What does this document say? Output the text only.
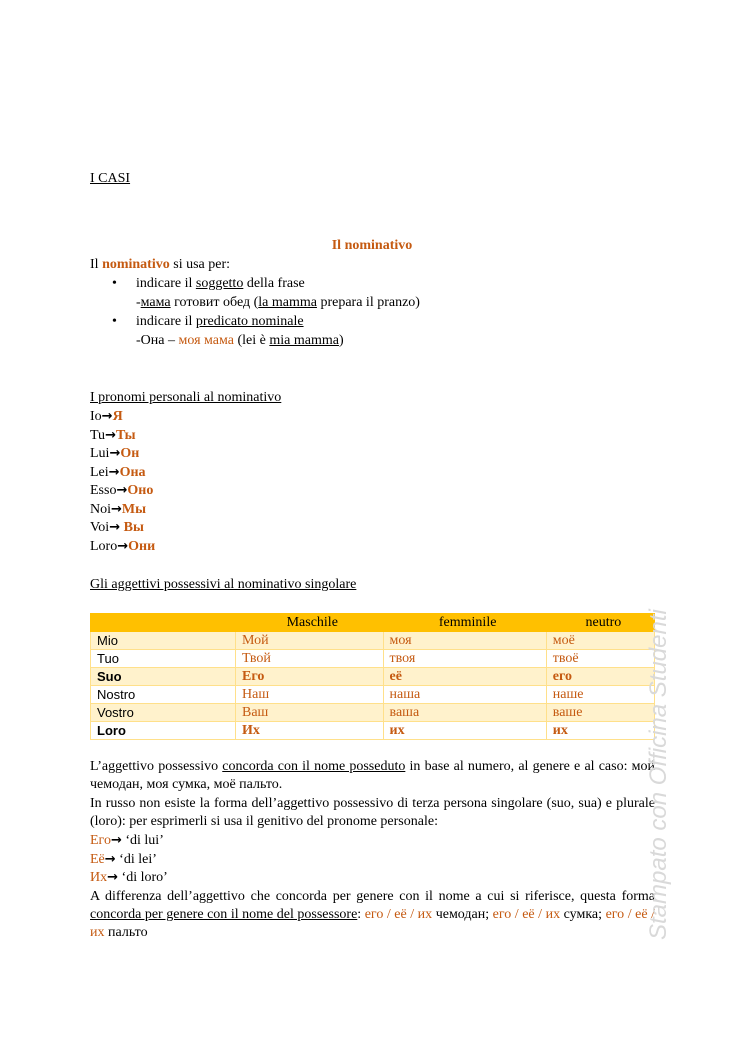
I CASI
Il nominativo
Il nominativo si usa per:
•	indicare il soggetto della frase
-мама готовит обед (la mamma prepara il pranzo)
•	indicare il predicato nominale
-Она – моя мама (lei è mia mamma)
I pronomi personali al nominativo
Io→Я
Tu→Ты
Lui→Он
Lei→Она
Esso→Оно
Noi→Мы
Voi→ Вы
Loro→Они
Gli aggettivi possessivi al nominativo singolare
	Maschile	femminile	neutro
Mio	Мой	моя	моё
Tuo	Твой	твоя	твоё
Suo	Его	её	его
Nostro	Наш	наша	наше
Vostro	Ваш	ваша	ваше
Loro	Их	их	их
L’aggettivo possessivo concorda con il nome posseduto in base al numero, al genere e al caso: мой чемодан, моя сумка, моё пальто.
In russo non esiste la forma dell’aggettivo possessivo di terza persona singolare (suo, sua) e plurale (loro): per esprimerli si usa il genitivo del pronome personale:
Его→ ‘di lui’
Её→ ‘di lei’
Их→ ‘di loro’
A differenza dell’aggettivo che concorda per genere con il nome a cui si riferisce, questa forma concorda per genere con il nome del possessore: его / её / их чемодан; его / её / их сумка; его / её / их пальто	Stampato con Officina Studenti
